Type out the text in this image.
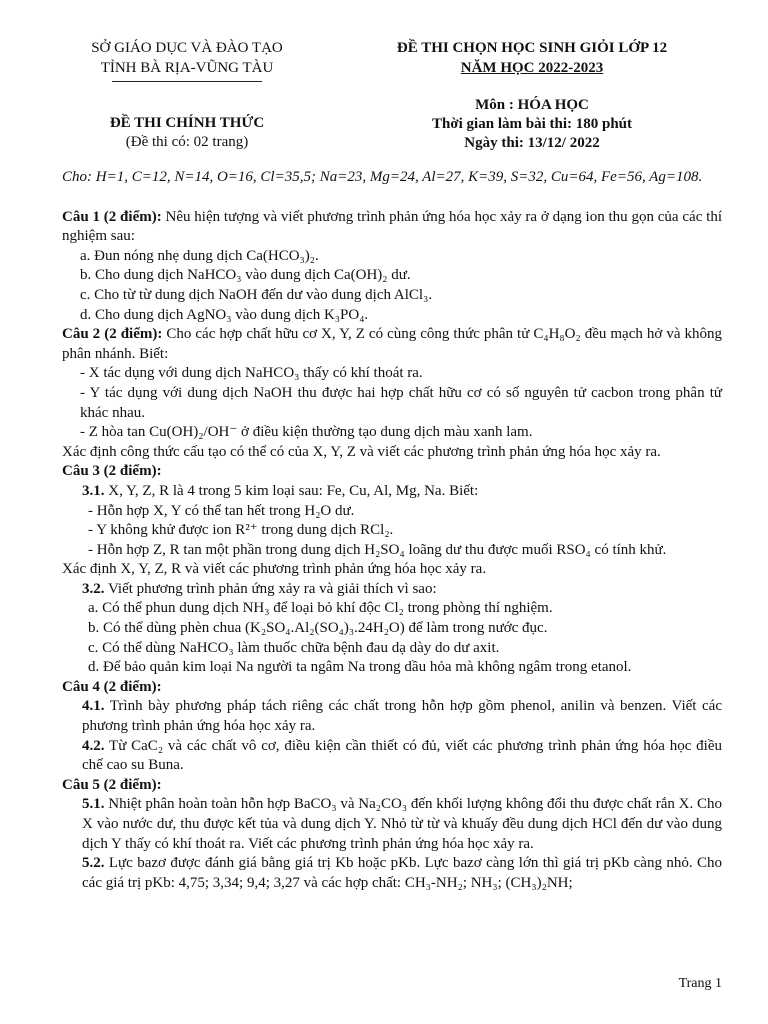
SỞ GIÁO DỤC VÀ ĐÀO TẠO
TỈNH BÀ RỊA-VŨNG TÀU
ĐỀ THI CHỌN HỌC SINH GIỎI LỚP 12
NĂM HỌC 2022-2023
ĐỀ THI CHÍNH THỨC
(Đề thi có: 02 trang)
Môn : HÓA HỌC
Thời gian làm bài thi: 180 phút
Ngày thi: 13/12/ 2022

Cho: H=1, C=12, N=14, O=16, Cl=35,5; Na=23, Mg=24, Al=27, K=39, S=32, Cu=64, Fe=56, Ag=108.

Câu 1 (2 điểm): Nêu hiện tượng và viết phương trình phản ứng hóa học xảy ra ở dạng ion thu gọn của các thí nghiệm sau:

a. Đun nóng nhẹ dung dịch Ca(HCO₃)₂.

b. Cho dung dịch NaHCO₃ vào dung dịch Ca(OH)₂ dư.

c. Cho từ từ dung dịch NaOH đến dư vào dung dịch AlCl₃.

d. Cho dung dịch AgNO₃ vào dung dịch K₃PO₄.

Câu 2 (2 điểm): Cho các hợp chất hữu cơ X, Y, Z có cùng công thức phân tử C₄H₈O₂ đều mạch hở và không phân nhánh. Biết:

- X tác dụng với dung dịch NaHCO₃ thấy có khí thoát ra.

- Y tác dụng với dung dịch NaOH thu được hai hợp chất hữu cơ có số nguyên tử cacbon trong phân tử khác nhau.

- Z hòa tan Cu(OH)₂/OH⁻ ở điều kiện thường tạo dung dịch màu xanh lam.

Xác định công thức cấu tạo có thể có của X, Y, Z và viết các phương trình phản ứng hóa học xảy ra.

Câu 3 (2 điểm):

3.1. X, Y, Z, R là 4 trong 5 kim loại sau: Fe, Cu, Al, Mg, Na. Biết:

- Hỗn hợp X, Y có thể tan hết trong H₂O dư.

- Y không khử được ion R²⁺ trong dung dịch RCl₂.

- Hỗn hợp Z, R tan một phần trong dung dịch H₂SO₄ loãng dư thu được muối RSO₄ có tính khử.

Xác định X, Y, Z, R và viết các phương trình phản ứng hóa học xảy ra.

3.2. Viết phương trình phản ứng xảy ra và giải thích vì sao:

a. Có thể phun dung dịch NH₃ để loại bỏ khí độc Cl₂ trong phòng thí nghiệm.

b. Có thể dùng phèn chua (K₂SO₄.Al₂(SO₄)₃.24H₂O) để làm trong nước đục.

c. Có thể dùng NaHCO₃ làm thuốc chữa bệnh đau dạ dày do dư axit.

d. Để bảo quản kim loại Na người ta ngâm Na trong dầu hỏa mà không ngâm trong etanol.

Câu 4 (2 điểm):

4.1. Trình bày phương pháp tách riêng các chất trong hỗn hợp gồm phenol, anilin và benzen. Viết các phương trình phản ứng hóa học xảy ra.

4.2. Từ CaC₂ và các chất vô cơ, điều kiện cần thiết có đủ, viết các phương trình phản ứng hóa học điều chế cao su Buna.

Câu 5 (2 điểm):

5.1. Nhiệt phân hoàn toàn hỗn hợp BaCO₃ và Na₂CO₃ đến khối lượng không đổi thu được chất rắn X. Cho X vào nước dư, thu được kết tủa và dung dịch Y. Nhỏ từ từ và khuấy đều dung dịch HCl đến dư vào dung dịch Y thấy có khí thoát ra. Viết các phương trình phản ứng hóa học xảy ra.

5.2. Lực bazơ được đánh giá bằng giá trị Kb hoặc pKb. Lực bazơ càng lớn thì giá trị pKb càng nhỏ. Cho các giá trị pKb: 4,75; 3,34; 9,4; 3,27 và các hợp chất: CH₃-NH₂; NH₃; (CH₃)₂NH;

Trang 1
